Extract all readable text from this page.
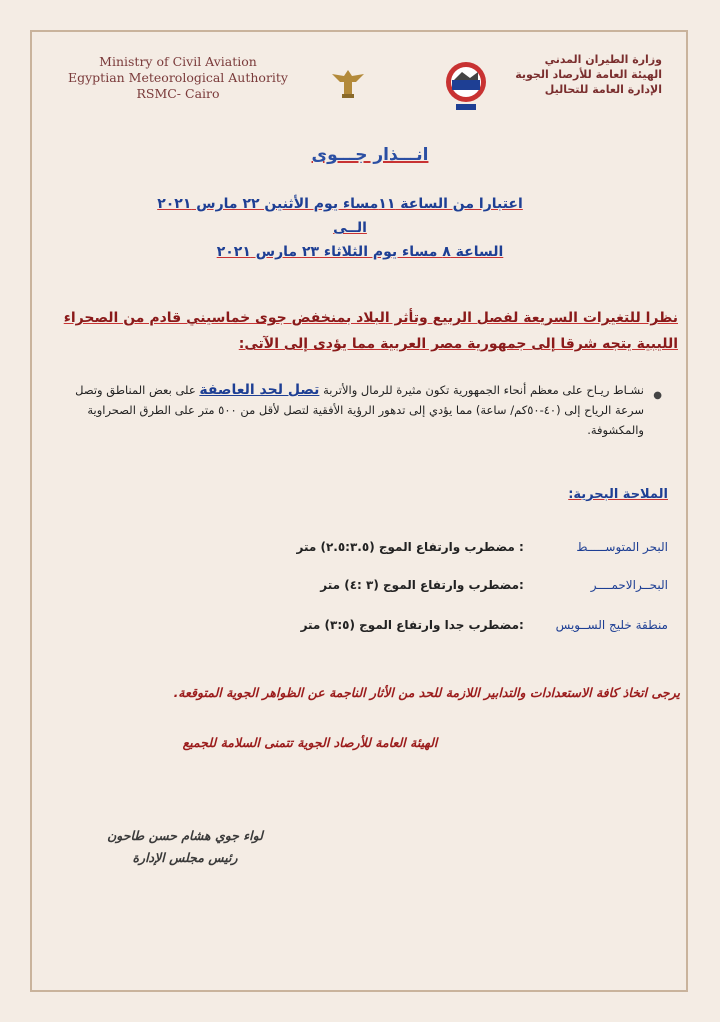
Ministry of Civil Aviation
Egyptian Meteorological Authority
RSMC- Cairo
وزارة الطيران المدني
الهيئة العامة للأرصاد الجوية
الإدارة العامة للتحاليل
انـــذار جـــوى
اعتبارا من الساعة ١١مساء يوم الأثنين ٢٢ مارس ٢٠٢١
الــى
الساعة ٨ مساء يوم الثلاثاء ٢٣ مارس ٢٠٢١
نظرا للتغيرات السريعة لفصل الربيع وتأثر البلاد بمنخفض جوى خماسيني قادم من الصحراء الليبية يتجه شرقا إلى جمهورية مصر العربية مما يؤدى إلى الآتى:
●
نشـاط ريـاح على معظم أنحاء الجمهورية تكون مثيرة للرمال والأتربة تصل لحد العاصفة على بعض المناطق وتصل سرعة الرياح إلى (٤٠-٥٠كم/ ساعة) مما يؤدي إلى تدهور الرؤية الأفقية لتصل لأقل من ٥٠٠ متر على الطرق الصحراوية والمكشوفة.
الملاحة البحرية:
البحر المتوســـــط : مضطرب وارتفاع الموج (٢.٥:٣.٥) متر
البحــرالاحمــــر :مضطرب وارتفاع الموج (٣ :٤) متر
منطقة خليج الســويس :مضطرب جدا وارتفاع الموج (٣:٥) متر
يرجى اتخاذ كافة الاستعدادات والتدابير اللازمة للحد من الأثار الناجمة عن الظواهر الجوية المتوقعة.
الهيئة العامة للأرصاد الجوية تتمنى السلامة للجميع
لواء جوي هشام حسن طاحون
رئيس مجلس الإدارة
